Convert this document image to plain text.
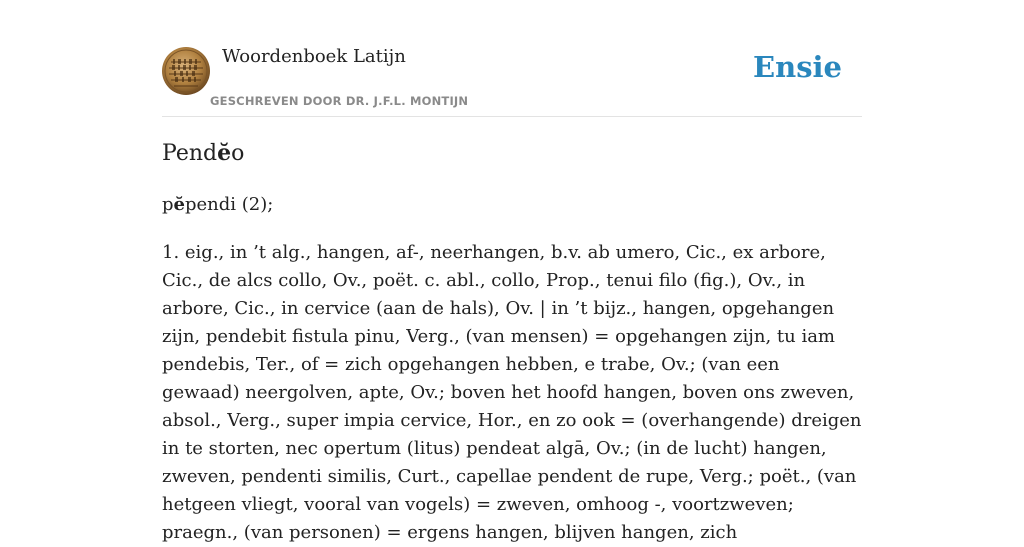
Woordenboek Latijn
GESCHREVEN DOOR DR. J.F.L. MONTIJN
Ensie
Pendĕo

pĕpendi (2);

1. eig., in ’t alg., hangen, af-, neerhangen, b.v. ab umero, Cic., ex arbore, Cic., de alcs collo, Ov., poët. c. abl., collo, Prop., tenui filo (fig.), Ov., in arbore, Cic., in cervice (aan de hals), Ov. | in ’t bijz., hangen, opgehangen zijn, pendebit fistula pinu, Verg., (van mensen) = opgehangen zijn, tu iam pendebis, Ter., of = zich opgehangen hebben, e trabe, Ov.; (van een gewaad) neergolven, apte, Ov.; boven het hoofd hangen, boven ons zweven, absol., Verg., super impia cervice, Hor., en zo ook = (overhangende) dreigen in te storten, nec opertum (litus) pendeat algā, Ov.; (in de lucht) hangen, zweven, pendenti similis, Curt., capellae pendent de rupe, Verg.; poët., (van hetgeen vliegt, vooral van vogels) = zweven, omhoog -, voortzweven; praegn., (van personen) = ergens hangen, blijven hangen, zich
